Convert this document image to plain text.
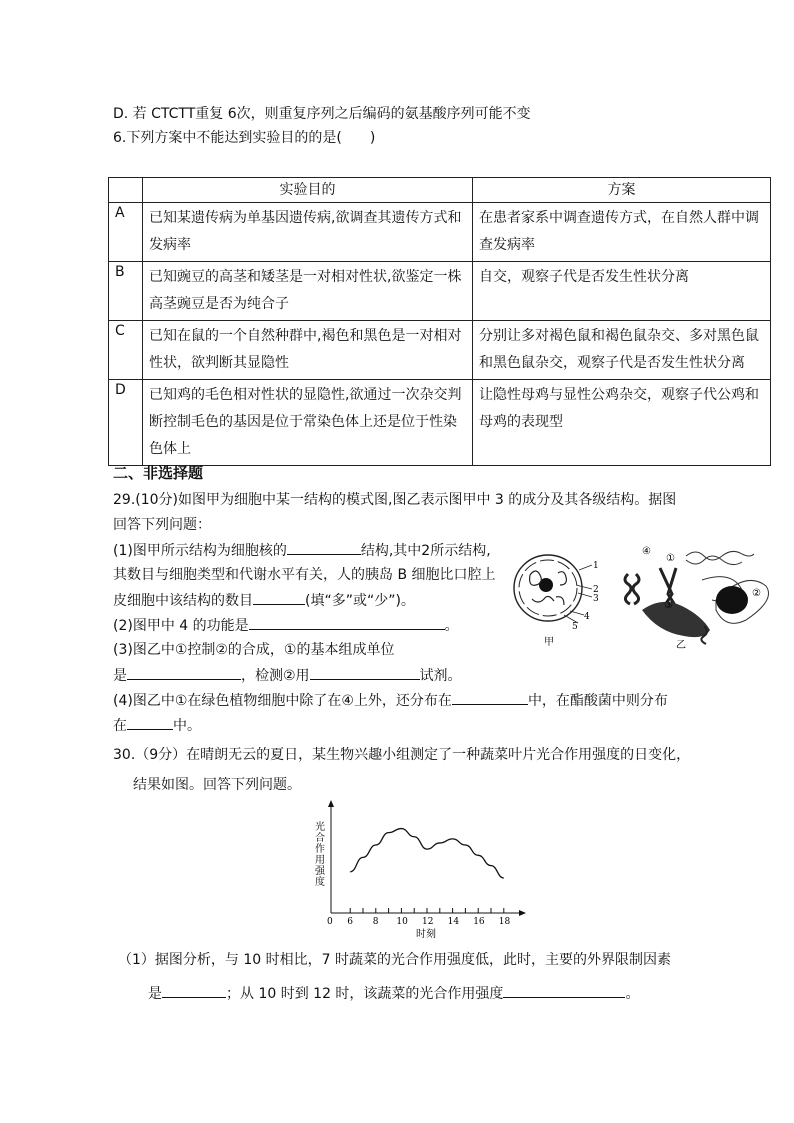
D. 若 CTCTT重复 6次，则重复序列之后编码的氨基酸序列可能不变
6.下列方案中不能达到实验目的的是(　　)
	实验目的	方案
A	已知某遗传病为单基因遗传病,欲调查其遗传方式和发病率	在患者家系中调查遗传方式，在自然人群中调查发病率
B	已知豌豆的高茎和矮茎是一对相对性状,欲鉴定一株高茎豌豆是否为纯合子	自交，观察子代是否发生性状分离
C	已知在鼠的一个自然种群中,褐色和黑色是一对相对性状，欲判断其显隐性	分别让多对褐色鼠和褐色鼠杂交、多对黑色鼠和黑色鼠杂交，观察子代是否发生性状分离
D	已知鸡的毛色相对性状的显隐性,欲通过一次杂交判断控制毛色的基因是位于常染色体上还是位于性染色体上	让隐性母鸡与显性公鸡杂交，观察子代公鸡和母鸡的表现型
二、非选择题
29.(10分)如图甲为细胞中某一结构的模式图,图乙表示图甲中 3 的成分及其各级结构。据图
回答下列问题：
(1)图甲所示结构为细胞核的	结构,其中2所示结构,
其数目与细胞类型和代谢水平有关，人的胰岛 B 细胞比口腔上
皮细胞中该结构的数目	(填“多”或“少”)。
(2)图甲中 4 的功能是	。
(3)图乙中①控制②的合成，①的基本组成单位
是	，检测②用	试剂。
(4)图乙中①在绿色植物细胞中除了在④上外，还分布在	中，在酯酸菌中则分布
在	中。
1
2
3
4
5
甲
④
①
③
②
乙
30.（9分）在晴朗无云的夏日，某生物兴趣小组测定了一种蔬菜叶片光合作用强度的日变化，
结果如图。回答下列问题。
0 6 8 10 12 14 16 18
时刻
光
合
作
用
强
度
（1）据图分析，与 10 时相比，7 时蔬菜的光合作用强度低，此时，主要的外界限制因素
是	；从 10 时到 12 时，该蔬菜的光合作用强度	。
